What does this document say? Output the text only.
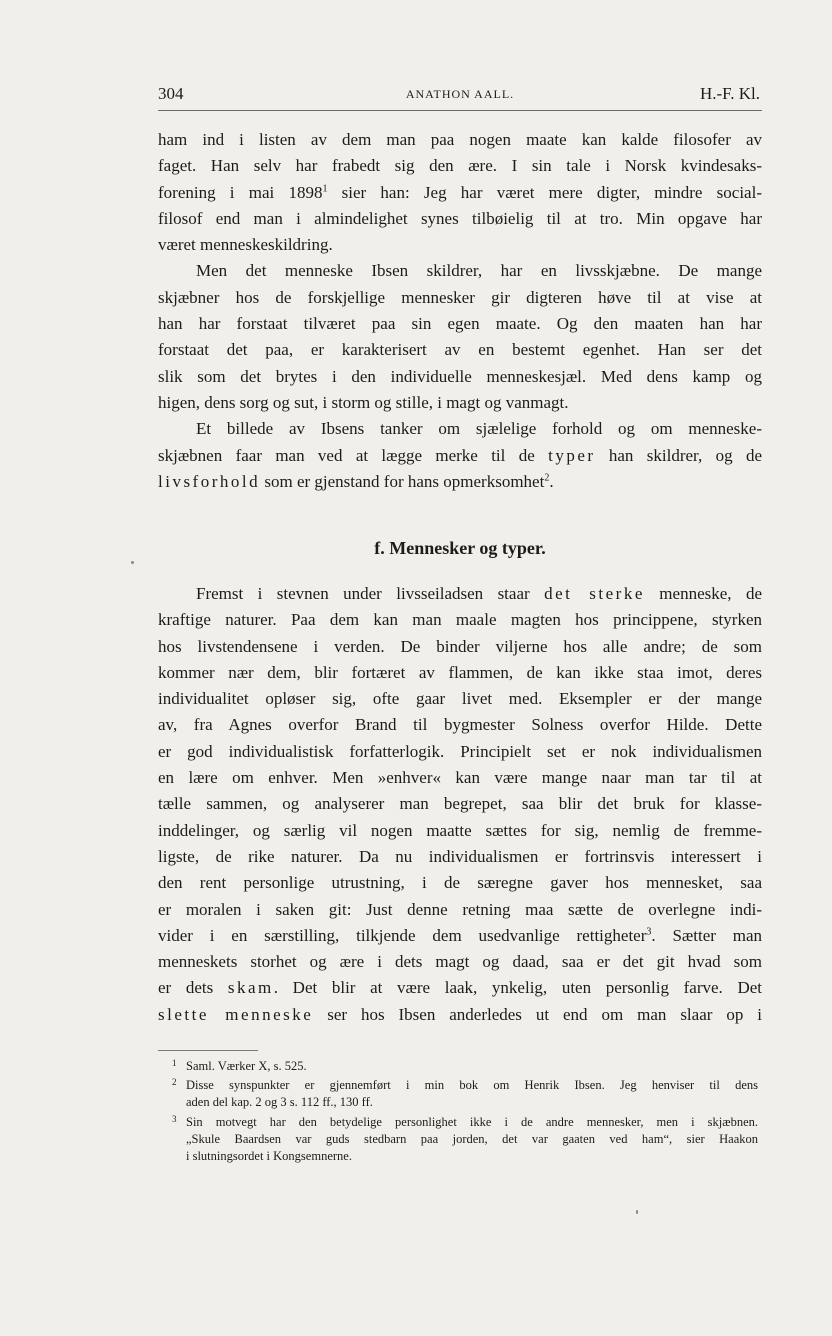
304	ANATHON AALL.	H.-F. Kl.

ham ind i listen av dem man paa nogen maate kan kalde filosofer av
faget. Han selv har frabedt sig den ære. I sin tale i Norsk kvindesaks-
forening i mai 1898$^1$ sier han: Jeg har været mere digter, mindre social-
filosof end man i almindelighet synes tilbøielig til at tro. Min opgave har
været menneskeskildring.

Men det menneske Ibsen skildrer, har en livsskjæbne. De mange
skjæbner hos de forskjellige mennesker gir digteren høve til at vise at
han har forstaat tilværet paa sin egen maate. Og den maaten han har
forstaat det paa, er karakterisert av en bestemt egenhet. Han ser det
slik som det brytes i den individuelle menneskesjæl. Med dens kamp og
higen, dens sorg og sut, i storm og stille, i magt og vanmagt.

Et billede av Ibsens tanker om sjælelige forhold og om menneske-
skjæbnen faar man ved at lægge merke til de typer han skildrer, og de
livsforhold som er gjenstand for hans opmerksomhet$^2$.

f. Mennesker og typer.

Fremst i stevnen under livsseiladsen staar det sterke menneske, de
kraftige naturer. Paa dem kan man maale magten hos princippene, styrken
hos livstendensene i verden. De binder viljerne hos alle andre; de som
kommer nær dem, blir fortæret av flammen, de kan ikke staa imot, deres
individualitet opløser sig, ofte gaar livet med. Eksempler er der mange
av, fra Agnes overfor Brand til bygmester Solness overfor Hilde. Dette
er god individualistisk forfatterlogik. Principielt set er nok individualismen
en lære om enhver. Men »enhver« kan være mange naar man tar til at
tælle sammen, og analyserer man begrepet, saa blir det bruk for klasse-
inddelinger, og særlig vil nogen maatte sættes for sig, nemlig de fremme-
ligste, de rike naturer. Da nu individualismen er fortrinsvis interessert i
den rent personlige utrustning, i de særegne gaver hos mennesket, saa
er moralen i saken git: Just denne retning maa sætte de overlegne indi-
vider i en særstilling, tilkjende dem usedvanlige rettigheter$^3$. Sætter man
menneskets storhet og ære i dets magt og daad, saa er det git hvad som
er dets skam. Det blir at være laak, ynkelig, uten personlig farve. Det
slette menneske ser hos Ibsen anderledes ut end om man slaar op i

1 Saml. Værker X, s. 525.
2 Disse synspunkter er gjennemført i min bok om Henrik Ibsen. Jeg henviser til dens
aden del kap. 2 og 3 s. 112 ff., 130 ff.
3 Sin motvegt har den betydelige personlighet ikke i de andre mennesker, men i skjæbnen.
„Skule Baardsen var guds stedbarn paa jorden, det var gaaten ved ham“, sier Haakon
i slutningsordet i Kongsemnerne.
